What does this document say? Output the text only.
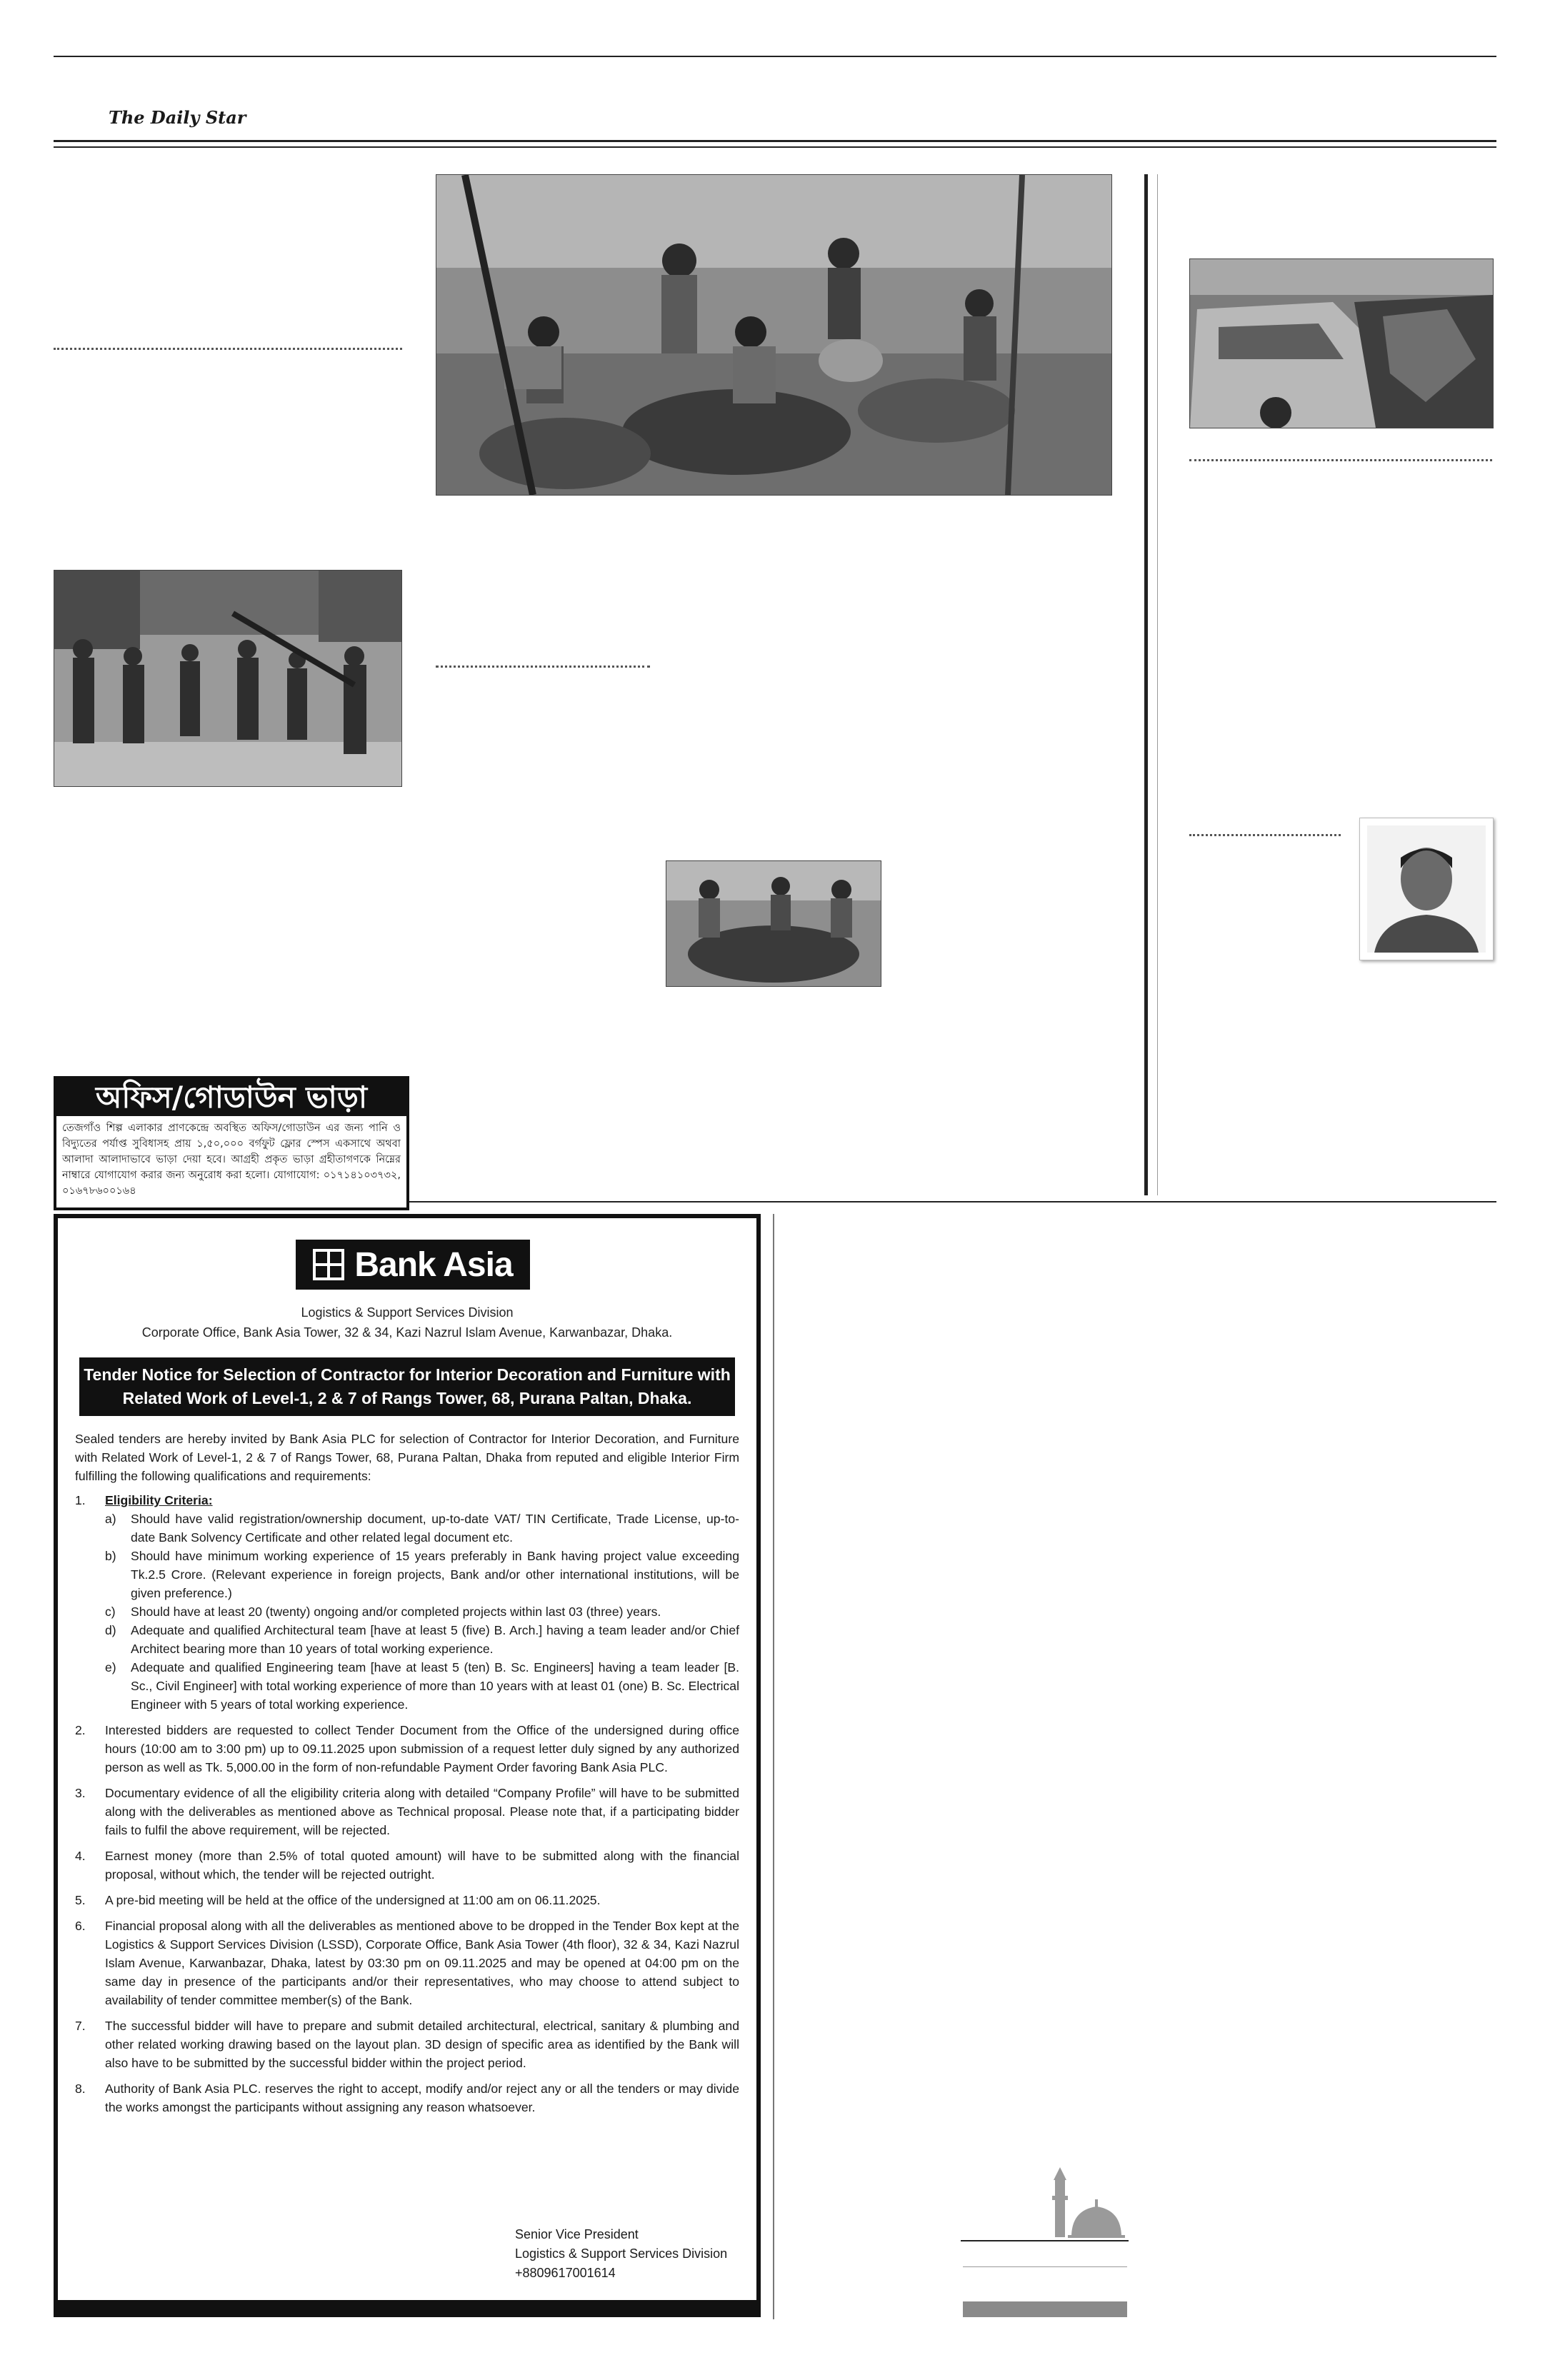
The Daily Star
অফিস/গোডাউন ভাড়া
তেজগাঁও শিল্প এলাকার প্রাণকেন্দ্রে অবস্থিত অফিস/গোডাউন এর জন্য পানি ও বিদ্যুতের পর্যাপ্ত সুবিধাসহ প্রায় ১,৫০,০০০ বর্গফুট ফ্লোর স্পেস একসাথে অথবা আলাদা আলাদাভাবে ভাড়া দেয়া হবে। আগ্রহী প্রকৃত ভাড়া গ্রহীতাগণকে নিম্নের নাম্বারে যোগাযোগ করার জন্য অনুরোধ করা হলো। যোগাযোগ: ০১৭১৪১০৩৭৩২, ০১৬৭৮৬০০১৬৪
Bank Asia
Logistics & Support Services Division
Corporate Office, Bank Asia Tower, 32 & 34, Kazi Nazrul Islam Avenue, Karwanbazar, Dhaka.
Tender Notice for Selection of Contractor for Interior Decoration and Furniture with
Related Work of Level-1, 2 & 7 of Rangs Tower, 68, Purana Paltan, Dhaka.

Sealed tenders are hereby invited by Bank Asia PLC for selection of Contractor for Interior Decoration, and Furniture with Related Work of Level-1, 2 & 7 of Rangs Tower, 68, Purana Paltan, Dhaka from reputed and eligible Interior Firm fulfilling the following qualifications and requirements:

1.	Eligibility Criteria:
a)	Should have valid registration/ownership document, up-to-date VAT/ TIN Certificate, Trade License, up-to-date Bank Solvency Certificate and other related legal document etc.
b)	Should have minimum working experience of 15 years preferably in Bank having project value exceeding Tk.2.5 Crore. (Relevant experience in foreign projects, Bank and/or other international institutions, will be given preference.)
c)	Should have at least 20 (twenty) ongoing and/or completed projects within last 03 (three) years.
d)	Adequate and qualified Architectural team [have at least 5 (five) B. Arch.] having a team leader and/or Chief Architect bearing more than 10 years of total working experience.
e)	Adequate and qualified Engineering team [have at least 5 (ten) B. Sc. Engineers] having a team leader [B. Sc., Civil Engineer] with total working experience of more than 10 years with at least 01 (one) B. Sc. Electrical Engineer with 5 years of total working experience.
2.	Interested bidders are requested to collect Tender Document from the Office of the undersigned during office hours (10:00 am to 3:00 pm) up to 09.11.2025 upon submission of a request letter duly signed by any authorized person as well as Tk. 5,000.00 in the form of non-refundable Payment Order favoring Bank Asia PLC.
3.	Documentary evidence of all the eligibility criteria along with detailed “Company Profile” will have to be submitted along with the deliverables as mentioned above as Technical proposal. Please note that, if a participating bidder fails to fulfil the above requirement, will be rejected.
4.	Earnest money (more than 2.5% of total quoted amount) will have to be submitted along with the financial proposal, without which, the tender will be rejected outright.
5.	A pre-bid meeting will be held at the office of the undersigned at 11:00 am on 06.11.2025.
6.	Financial proposal along with all the deliverables as mentioned above to be dropped in the Tender Box kept at the Logistics & Support Services Division (LSSD), Corporate Office, Bank Asia Tower (4th floor), 32 & 34, Kazi Nazrul Islam Avenue, Karwanbazar, Dhaka, latest by 03:30 pm on 09.11.2025 and may be opened at 04:00 pm on the same day in presence of the participants and/or their representatives, who may choose to attend subject to availability of tender committee member(s) of the Bank.
7.	The successful bidder will have to prepare and submit detailed architectural, electrical, sanitary & plumbing and other related working drawing based on the layout plan. 3D design of specific area as identified by the Bank will also have to be submitted by the successful bidder within the project period.
8.	Authority of Bank Asia PLC. reserves the right to accept, modify and/or reject any or all the tenders or may divide the works amongst the participants without assigning any reason whatsoever.
Senior Vice President
Logistics & Support Services Division
+8809617001614
